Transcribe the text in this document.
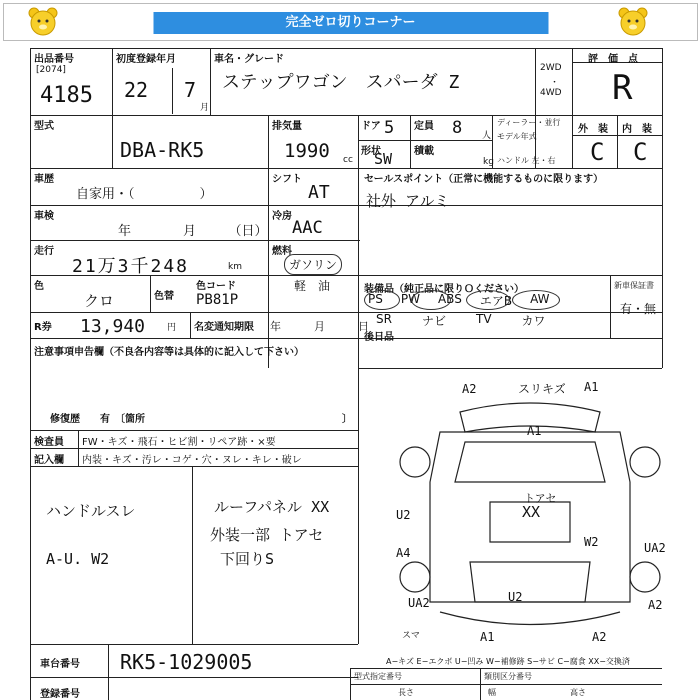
完全ゼロ切りコーナー
出品番号
[2074]
4185
初度登録年月
22 7
月
車名・グレード
ステップワゴン　スパーダ Z
2WD
・
4WD
評　価　点
R
型式
DBA-RK5
排気量
1990 cc
ドア 5
形状
SW
定員 8 人
積載
kg
ディーラー・並行
モデル年式
ハンドル 左・右
外　装 内　装
C C
車歴
自家用・（　　　　　）
シフト
AT
セールスポイント（正常に機能するものに限ります）
社外 アルミ
車検
年　　　　月　　　（日）
冷房
AAC
走行
21万3千248	km
燃料
ガソリン
軽　油
色
クロ	色替
色コード
PB81P
装備品（純正品に限りＯください）	新車保証書
有・無
PS PW ABS エアB AW
SR	ナビ	TV	カワ
R券 13,940 円 名変通知期限 年　　　月　　　日
後日品
注意事項申告欄（不良各内容等は具体的に記入して下さい）
修復歴　　有　〔箇所	〕
検査員 FW・キズ・飛石・ヒビ割・リペア跡・×要
記入欄 内装・キズ・汚レ・コゲ・穴・ヌレ・キレ・破レ
ハンドルスレ
A-U. W2
ルーフパネル XX
外装一部 トアセ
下回りS
A2	スリキズ A1
A1
U2
トアセ
XX
W2	UA2
A4
UA2	U2
A2
A1	A2
スマ
車台番号 RK5-1029005
登録番号
A−キズ E−エクボ U−凹み W−補修跡 S−サビ C−腐食 XX−交換済
型式指定番号	類別区分番号
長さ	幅	高さ
